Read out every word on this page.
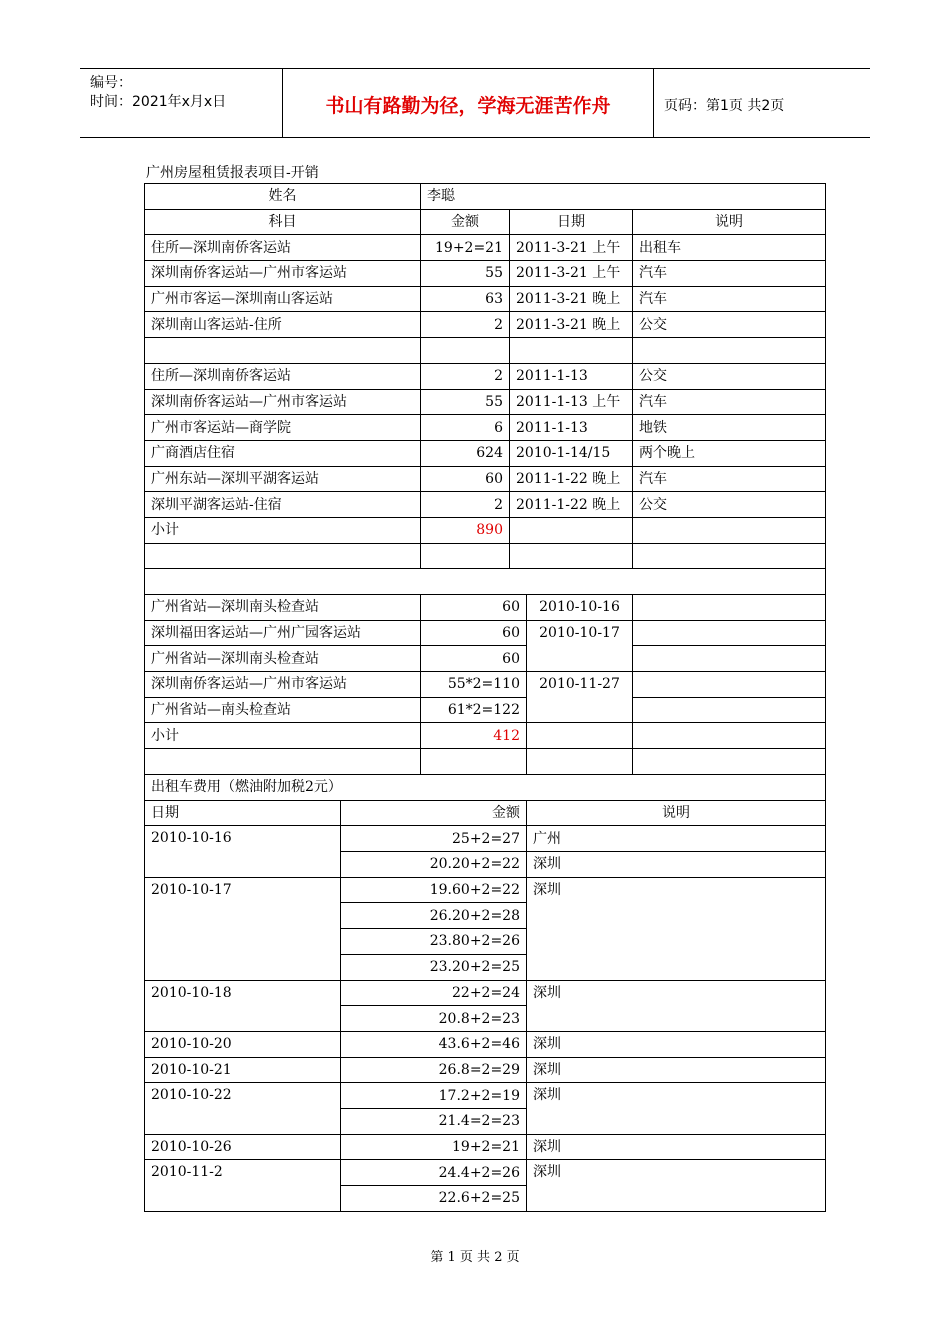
编号：
时间：2021年x月x日	书山有路勤为径，学海无涯苦作舟	页码：第1页 共2页
广州房屋租赁报表项目-开销
姓名	李聪		
科目	金额	日期	说明
住所—深圳南侨客运站	19+2=21	2011-3-21 上午	出租车
深圳南侨客运站—广州市客运站	55	2011-3-21 上午	汽车
广州市客运—深圳南山客运站	63	2011-3-21 晚上	汽车
深圳南山客运站-住所	2	2011-3-21 晚上	公交

住所—深圳南侨客运站	2	2011-1-13	公交
深圳南侨客运站—广州市客运站	55	2011-1-13 上午	汽车
广州市客运站—商学院	6	2011-1-13	地铁
广商酒店住宿	624	2010-1-14/15	两个晚上
广州东站—深圳平湖客运站	60	2011-1-22 晚上	汽车
深圳平湖客运站-住宿	2	2011-1-22 晚上	公交
小计	890		

广州省站—深圳南头检查站	60	2010-10-16	
深圳福田客运站—广州广园客运站	60	2010-10-17	
广州省站—深圳南头检查站	60		
深圳南侨客运站—广州市客运站	55*2=110	2010-11-27	
广州省站—南头检查站	61*2=122		
小计	412		

出租车费用（燃油附加税2元）		
日期	金额	说明
2010-10-16	25+2=27	广州
	20.20+2=22	深圳
2010-10-17	19.60+2=22	深圳
	26.20+2=28	
	23.80+2=26	
	23.20+2=25	
2010-10-18	22+2=24	深圳
	20.8+2=23	
2010-10-20	43.6+2=46	深圳
2010-10-21	26.8=2=29	深圳
2010-10-22	17.2+2=19	深圳
	21.4=2=23	
2010-10-26	19+2=21	深圳
2010-11-2	24.4+2=26	深圳
	22.6+2=25	
第 1 页 共 2 页
